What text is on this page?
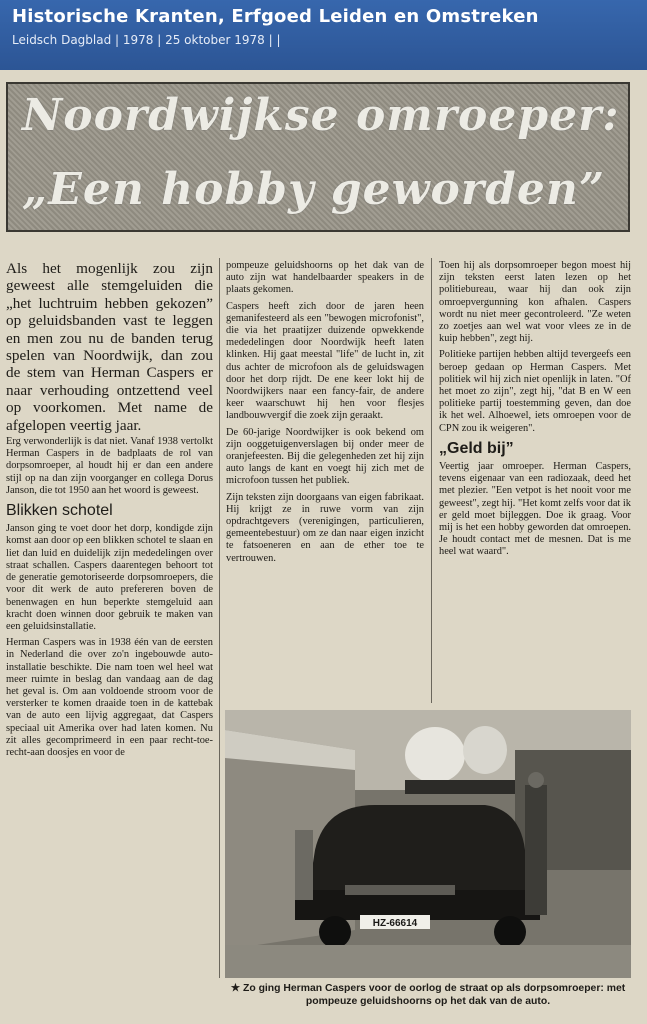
Historische Kranten, Erfgoed Leiden en Omstreken
Leidsch Dagblad | 1978 | 25 oktober 1978 | |
Noordwijkse omroeper:
„Een hobby geworden”

Als het mogenlijk zou zijn geweest alle stemgeluiden die „het luchtruim hebben gekozen” op geluidsbanden vast te leggen en men zou nu de banden terug spelen van Noordwijk, dan zou de stem van Herman Caspers er naar verhouding ontzettend veel op voorkomen. Met name de afgelopen veertig jaar.

Erg verwonderlijk is dat niet. Vanaf 1938 vertolkt Herman Caspers in de badplaats de rol van dorpsomroeper, al houdt hij er dan een andere stijl op na dan zijn voorganger en collega Dorus Janson, die tot 1950 aan het woord is geweest.

Blikken schotel

Janson ging te voet door het dorp, kondigde zijn komst aan door op een blikken schotel te slaan en liet dan luid en duidelijk zijn mededelingen over straat schallen. Caspers daarentegen behoort tot de generatie gemotoriseerde dorpsomroepers, die voor dit werk de auto prefereren boven de benenwagen en hun beperkte stemgeluid aan kracht doen winnen door gebruik te maken van een geluidsinstallatie.

Herman Caspers was in 1938 één van de eersten in Nederland die over zo'n ingebouwde auto-installatie beschikte. Die nam toen wel heel wat meer ruimte in beslag dan vandaag aan de dag het geval is. Om aan voldoende stroom voor de versterker te komen draaide toen in de kattebak van de auto een lijvig aggregaat, dat Caspers speciaal uit Amerika over had laten komen. Nu zit alles gecomprimeerd in een paar recht-toe-recht-aan doosjes en voor de

pompeuze geluidshoorns op het dak van de auto zijn wat handelbaarder speakers in de plaats gekomen.

Caspers heeft zich door de jaren heen gemanifesteerd als een "bewogen microfonist", die via het praatijzer duizende opwekkende mededelingen door Noordwijk heeft laten klinken. Hij gaat meestal "life" de lucht in, zit dus achter de microfoon als de geluidswagen door het dorp rijdt. De ene keer lokt hij de Noordwijkers naar een fancy-fair, de andere keer waarschuwt hij hen voor flesjes landbouwvergif die zoek zijn geraakt.

De 60-jarige Noordwijker is ook bekend om zijn ooggetuigenverslagen bij onder meer de oranjefeesten. Bij die gelegenheden zet hij zijn auto langs de kant en voegt hij zich met de microfoon tussen het publiek.

Zijn teksten zijn doorgaans van eigen fabrikaat. Hij krijgt ze in ruwe vorm van zijn opdrachtgevers (verenigingen, particulieren, gemeentebestuur) om ze dan naar eigen inzicht te fatsoeneren en aan de ether toe te vertrouwen.

Toen hij als dorpsomroeper begon moest hij zijn teksten eerst laten lezen op het politiebureau, waar hij dan ook zijn omroepvergunning kon afhalen. Caspers wordt nu niet meer gecontroleerd. "Ze weten zo zoetjes aan wel wat voor vlees ze in de kuip hebben", zegt hij.

Politieke partijen hebben altijd tevergeefs een beroep gedaan op Herman Caspers. Met politiek wil hij zich niet openlijk in laten. "Of het moet zo zijn", zegt hij, "dat B en W een politieke partij toestemming geven, dan doe ik het wel. Alhoewel, iets omroepen voor de CPN zou ik weigeren".

„Geld bij”

Veertig jaar omroeper. Herman Caspers, tevens eigenaar van een radiozaak, deed het met plezier. "Een vetpot is het nooit voor me geweest", zegt hij. "Het komt zelfs voor dat ik er geld moet bijleggen. Doe ik graag. Voor mij is het een hobby geworden dat omroepen. Je houdt contact met de mesnen. Dat is me heel wat waard".

HZ-66614
★ Zo ging Herman Caspers voor de oorlog de straat op als dorpsomroeper: met pompeuze geluidshoorns op het dak van de auto.
